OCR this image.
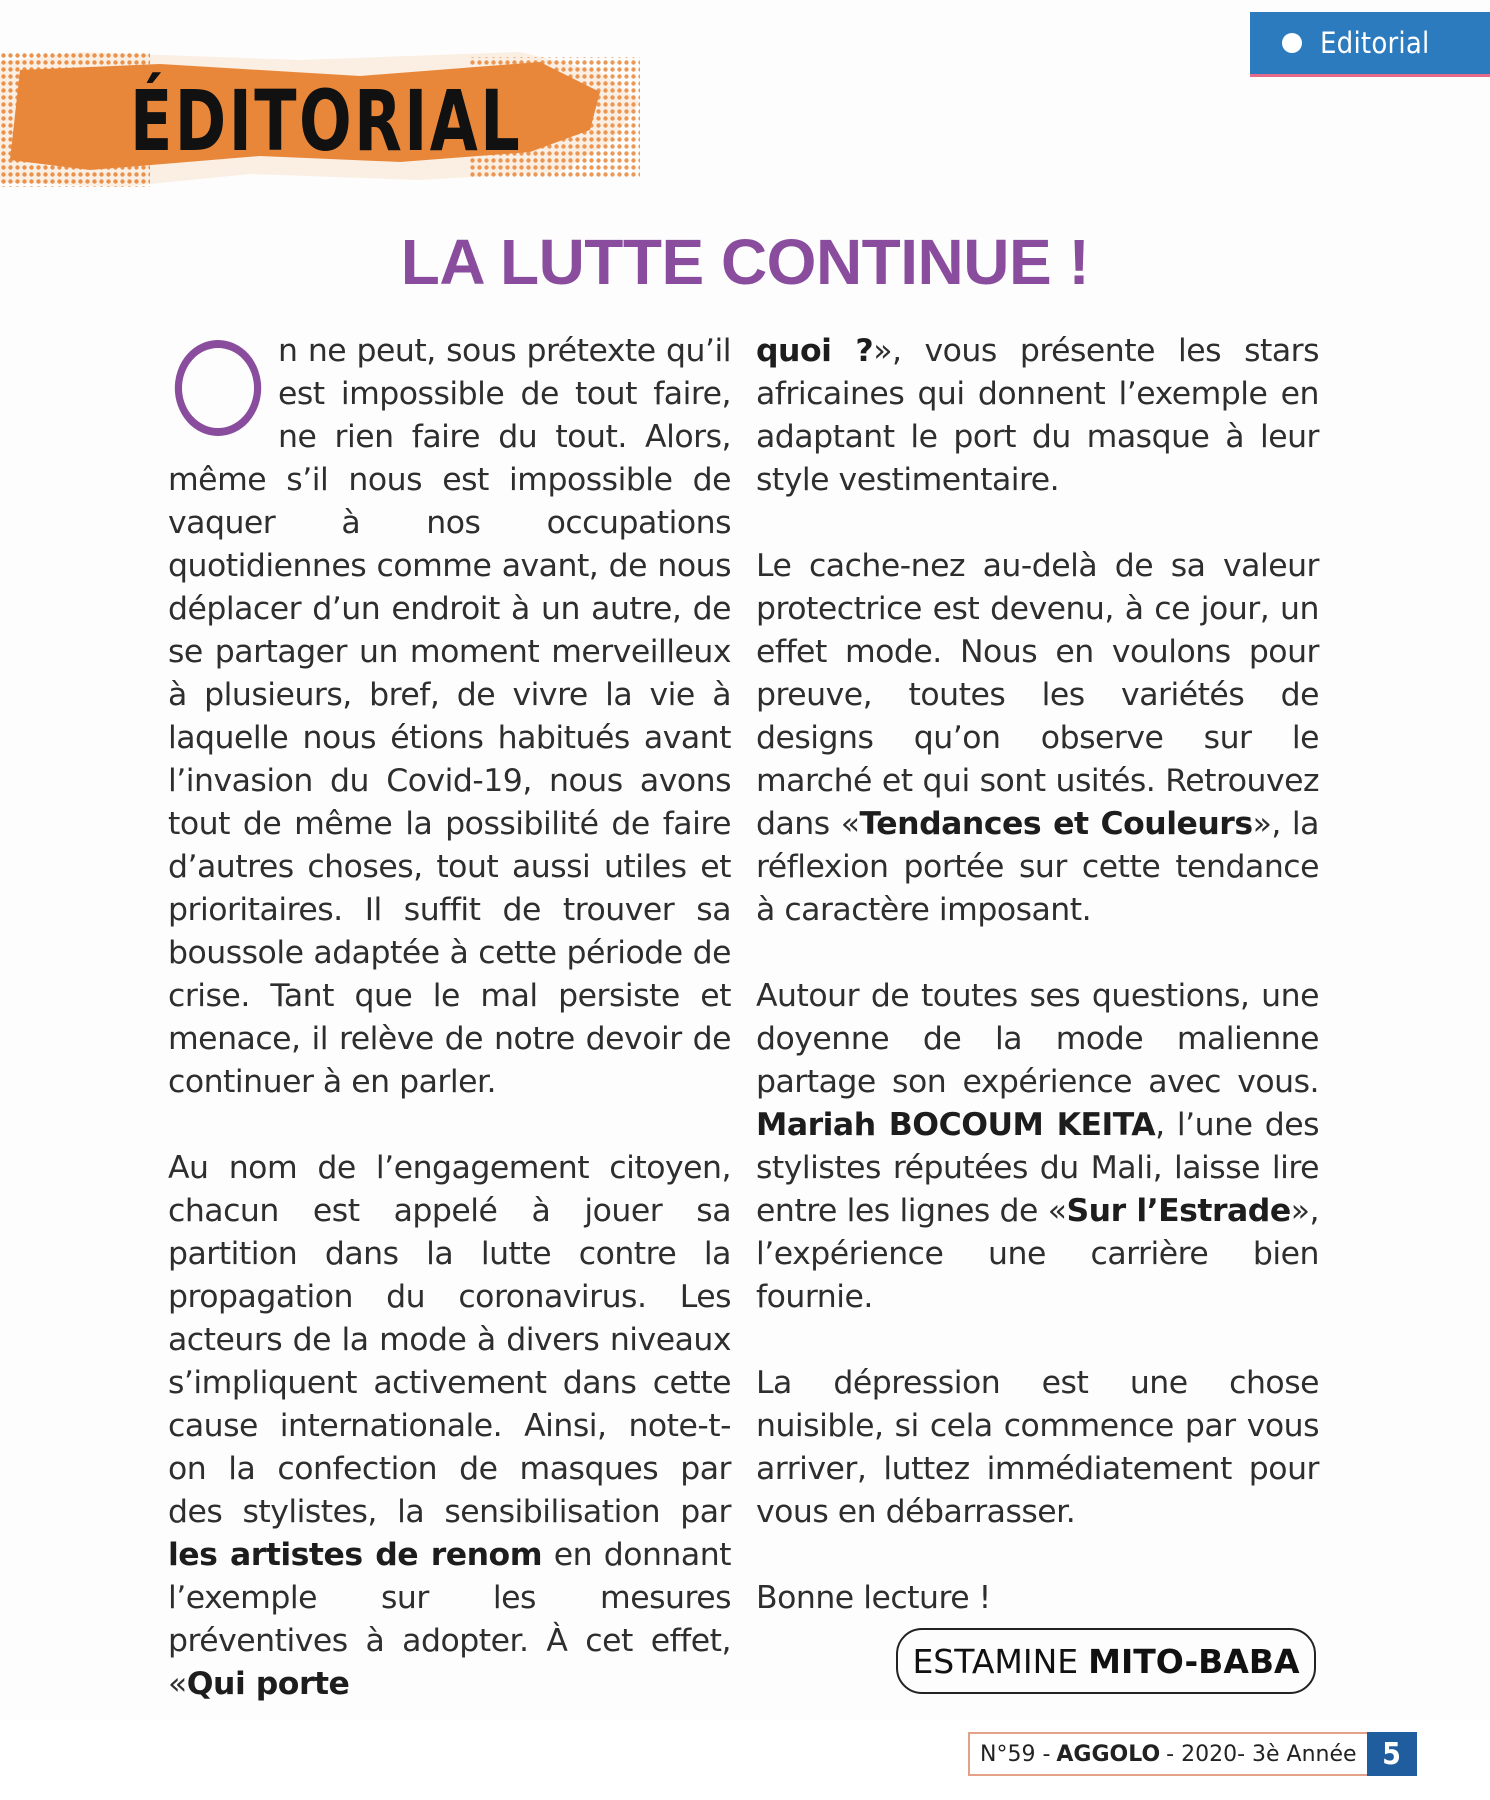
Editorial
ÉDITORIAL
LA LUTTE CONTINUE !

n ne peut, sous prétexte qu’il est impossible de tout faire, ne rien faire du tout. Alors, même s’il nous est impossible de vaquer à nos occupations quotidiennes comme avant, de nous déplacer d’un endroit à un autre, de se partager un moment merveilleux à plusieurs, bref, de vivre la vie à laquelle nous étions habitués avant l’invasion du Covid-19, nous avons tout de même la possibilité de faire d’autres choses, tout aussi utiles et prioritaires. Il suffit de trouver sa boussole adaptée à cette période de crise. Tant que le mal persiste et menace, il relève de notre devoir de continuer à en parler.

Au nom de l’engagement citoyen, chacun est appelé à jouer sa partition dans la lutte contre la propagation du coronavirus. Les acteurs de la mode à divers niveaux s’impliquent activement dans cette cause internationale. Ainsi, note-t-on la confection de masques par des stylistes, la sensibilisation par les artistes de renom en donnant l’exemple sur les mesures préventives à adopter. À cet effet, «Qui porte

quoi ?», vous présente les stars africaines qui donnent l’exemple en adaptant le port du masque à leur style vestimentaire.

Le cache-nez au-delà de sa valeur protectrice est devenu, à ce jour, un effet mode. Nous en voulons pour preuve, toutes les variétés de designs qu’on observe sur le marché et qui sont usités. Retrouvez dans «Tendances et Couleurs», la réflexion portée sur cette tendance à caractère imposant.

Autour de toutes ses questions, une doyenne de la mode malienne partage son expérience avec vous. Mariah BOCOUM KEITA, l’une des stylistes réputées du Mali, laisse lire entre les lignes de «Sur l’Estrade», l’expérience une carrière bien fournie.

La dépression est une chose nuisible, si cela commence par vous arriver, luttez immédiatement pour vous en débarrasser.

Bonne lecture !

ESTAMINE MITO-BABA
N°59 - AGGOLO - 2020- 3è Année 5
